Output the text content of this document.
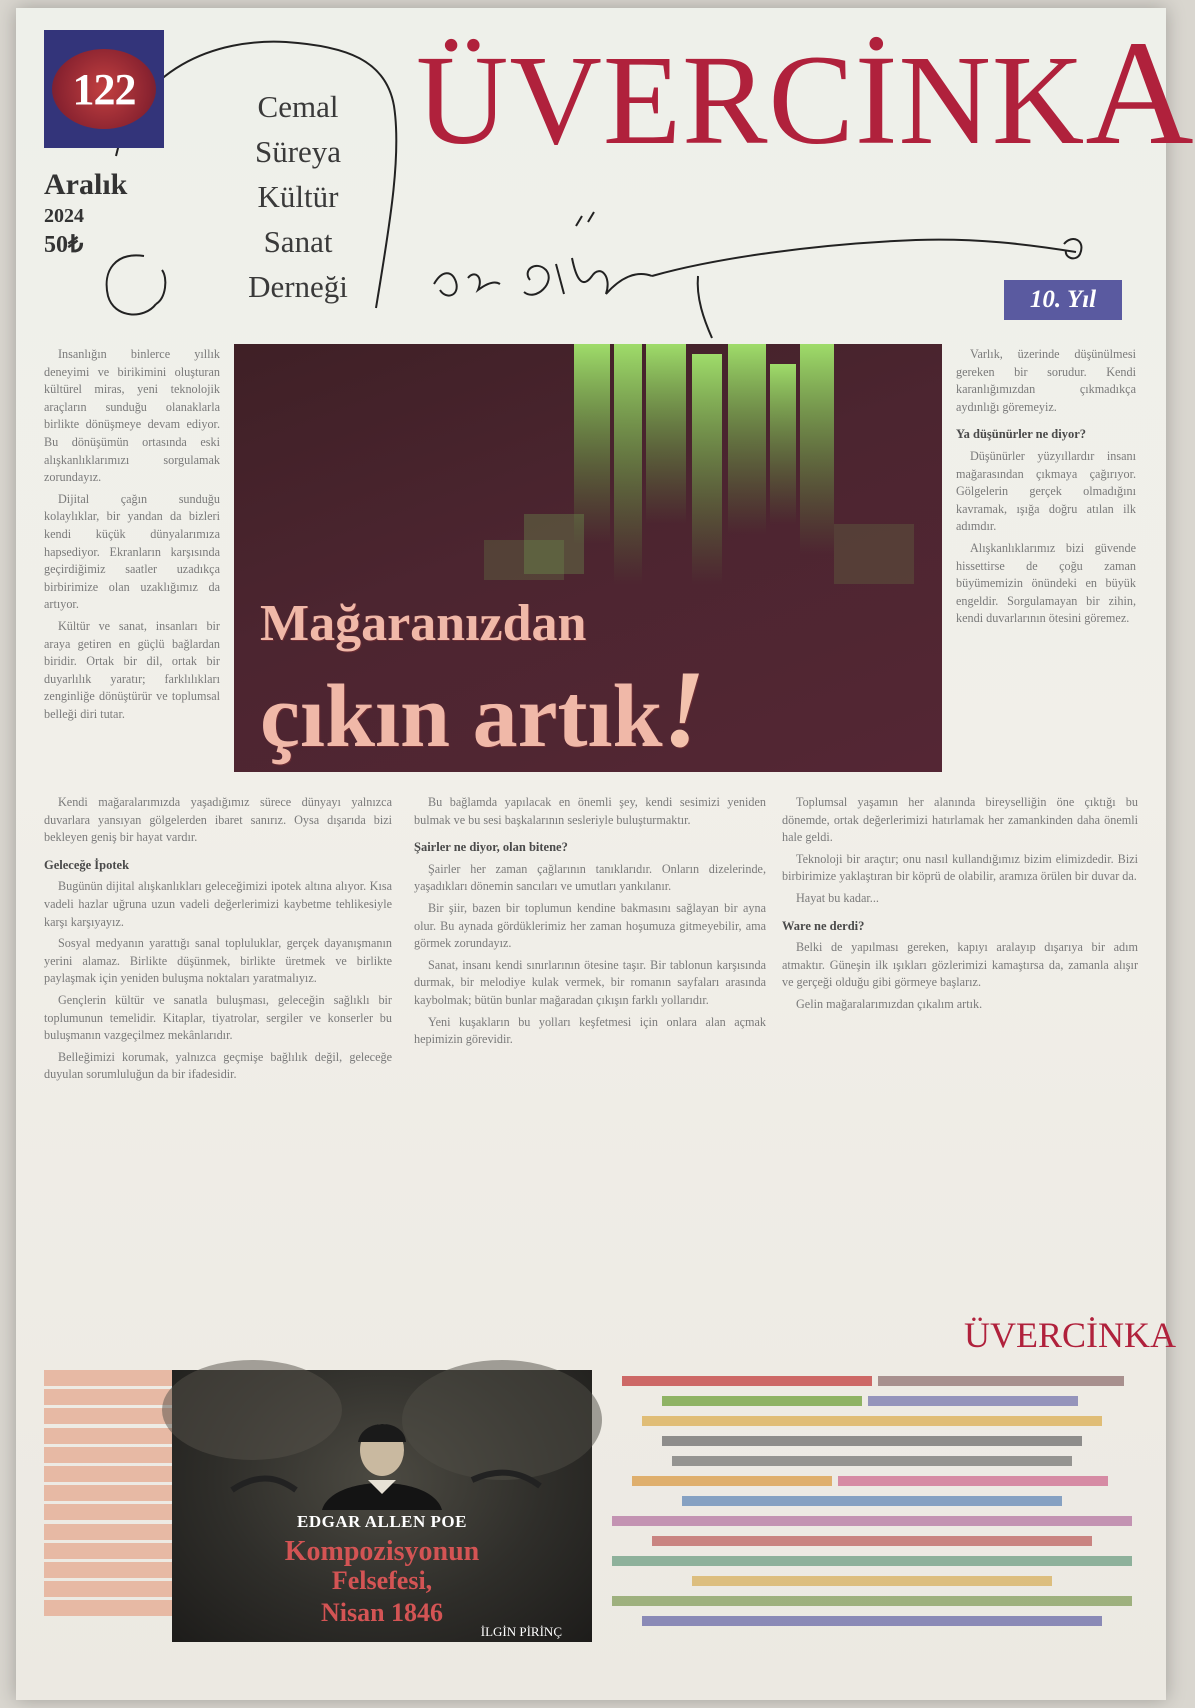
122
Aralık
2024
50₺
Cemal
Süreya
Kültür
Sanat
Derneği
ÜVERCİNKA
10. Yıl

Insanlığın binlerce yıllık deneyimi ve birikimini oluşturan kültürel miras, yeni teknolojik araçların sunduğu olanaklarla birlikte dönüşmeye devam ediyor. Bu dönüşümün ortasında eski alışkanlıklarımızı sorgulamak zorundayız.

Dijital çağın sunduğu kolaylıklar, bir yandan da bizleri kendi küçük dünyalarımıza hapsediyor. Ekranların karşısında geçirdiğimiz saatler uzadıkça birbirimize olan uzaklığımız da artıyor.

Kültür ve sanat, insanları bir araya getiren en güçlü bağlardan biridir. Ortak bir dil, ortak bir duyarlılık yaratır; farklılıkları zenginliğe dönüştürür ve toplumsal belleği diri tutar.

Mağaranızdan
çıkın artık!

Varlık, üzerinde düşünülmesi gereken bir sorudur. Kendi karanlığımızdan çıkmadıkça aydınlığı göremeyiz.

Ya düşünürler ne diyor?

Düşünürler yüzyıllardır insanı mağarasından çıkmaya çağırıyor. Gölgelerin gerçek olmadığını kavramak, ışığa doğru atılan ilk adımdır.

Alışkanlıklarımız bizi güvende hissettirse de çoğu zaman büyümemizin önündeki en büyük engeldir. Sorgulamayan bir zihin, kendi duvarlarının ötesini göremez.

Kendi mağaralarımızda yaşadığımız sürece dünyayı yalnızca duvarlara yansıyan gölgelerden ibaret sanırız. Oysa dışarıda bizi bekleyen geniş bir hayat vardır.

Geleceğe İpotek

Bugünün dijital alışkanlıkları geleceğimizi ipotek altına alıyor. Kısa vadeli hazlar uğruna uzun vadeli değerlerimizi kaybetme tehlikesiyle karşı karşıyayız.

Sosyal medyanın yarattığı sanal topluluklar, gerçek dayanışmanın yerini alamaz. Birlikte düşünmek, birlikte üretmek ve birlikte paylaşmak için yeniden buluşma noktaları yaratmalıyız.

Gençlerin kültür ve sanatla buluşması, geleceğin sağlıklı bir toplumunun temelidir. Kitaplar, tiyatrolar, sergiler ve konserler bu buluşmanın vazgeçilmez mekânlarıdır.

Belleğimizi korumak, yalnızca geçmişe bağlılık değil, geleceğe duyulan sorumluluğun da bir ifadesidir.

Bu bağlamda yapılacak en önemli şey, kendi sesimizi yeniden bulmak ve bu sesi başkalarının sesleriyle buluşturmaktır.

Şairler ne diyor, olan bitene?

Şairler her zaman çağlarının tanıklarıdır. Onların dizelerinde, yaşadıkları dönemin sancıları ve umutları yankılanır.

Bir şiir, bazen bir toplumun kendine bakmasını sağlayan bir ayna olur. Bu aynada gördüklerimiz her zaman hoşumuza gitmeyebilir, ama görmek zorundayız.

Sanat, insanı kendi sınırlarının ötesine taşır. Bir tablonun karşısında durmak, bir melodiye kulak vermek, bir romanın sayfaları arasında kaybolmak; bütün bunlar mağaradan çıkışın farklı yollarıdır.

Yeni kuşakların bu yolları keşfetmesi için onlara alan açmak hepimizin görevidir.

Toplumsal yaşamın her alanında bireyselliğin öne çıktığı bu dönemde, ortak değerlerimizi hatırlamak her zamankinden daha önemli hale geldi.

Teknoloji bir araçtır; onu nasıl kullandığımız bizim elimizdedir. Bizi birbirimize yaklaştıran bir köprü de olabilir, aramıza örülen bir duvar da.

Hayat bu kadar...

Ware ne derdi?

Belki de yapılması gereken, kapıyı aralayıp dışarıya bir adım atmaktır. Güneşin ilk ışıkları gözlerimizi kamaştırsa da, zamanla alışır ve gerçeği olduğu gibi görmeye başlarız.

Gelin mağaralarımızdan çıkalım artık.

ÜVERCİNKA
EDGAR ALLEN POE
Kompozisyonun
Felsefesi,
Nisan 1846
İLGİN PİRİNÇ
